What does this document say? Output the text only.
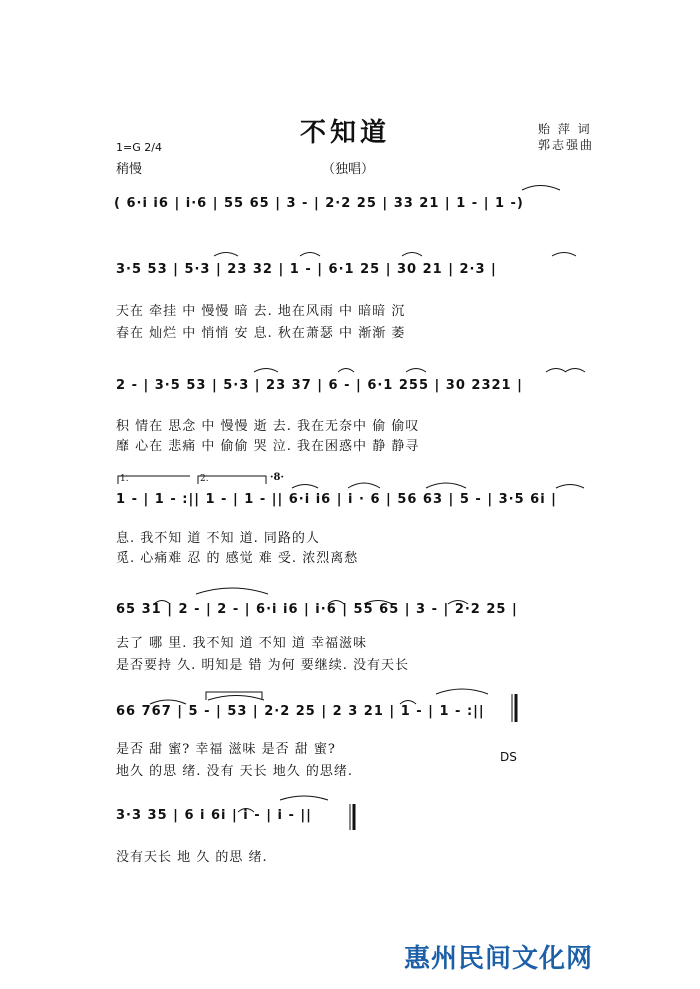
不知道	贻 萍 词
郭志强曲
1=G 2/4
稍慢	（独唱）
1.	2.	·8·
( 6·i i6 | i·6 | 55 65 | 3 - | 2·2 25 | 33 21 | 1 - | 1 -)
3·5 53 | 5·3 | 23 32 | 1 - | 6·1 25 | 30 21 | 2·3 |
天在 牵挂 中 慢慢 暗 去. 地在风雨 中 暗暗 沉
春在 灿烂 中 悄悄 安 息. 秋在萧瑟 中 渐渐 萎
2 - | 3·5 53 | 5·3 | 23 37 | 6 - | 6·1 255 | 30 2321 |
积 情在 思念 中 慢慢 逝 去. 我在无奈中 偷 偷叹
靡 心在 悲痛 中 偷偷 哭 泣. 我在困惑中 静 静寻
1 - | 1 - :|| 1 - | 1 - || 6·i i6 | i · 6 | 56 63 | 5 - | 3·5 6i |
息. 我不知 道 不知 道. 同路的人
觅. 心痛难 忍 的 感觉 难 受. 浓烈离愁
65 31 | 2 - | 2 - | 6·i i6 | i·6 | 55 65 | 3 - | 2·2 25 |
去了 哪 里. 我不知 道 不知 道 幸福滋味
是否要持 久. 明知是 错 为何 要继续. 没有天长
66 767 | 5 - | 53 | 2·2 25 | 2 3 21 | 1 - | 1 - :||
是否 甜 蜜? 幸福 滋味 是否 甜 蜜?
地久 的思 绪. 没有 天长 地久 的思绪.
DS
3·3 35 | 6 i 6i | i - | i - ||
没有天长 地 久 的思 绪.
惠州民间文化网
